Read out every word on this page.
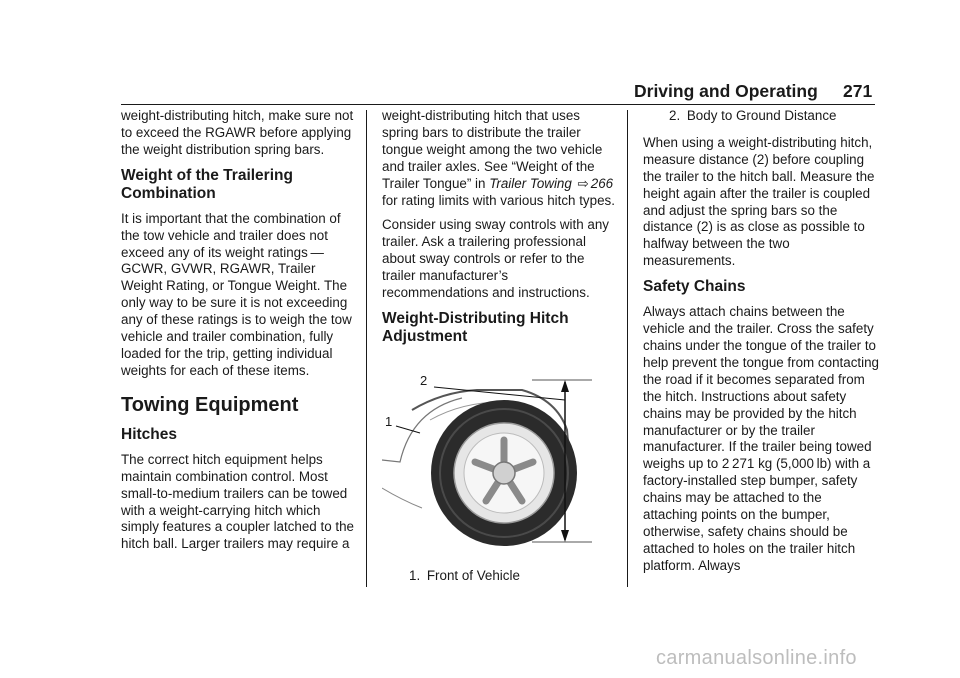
Driving and Operating 271

weight-distributing hitch, make sure not to exceed the RGAWR before applying the weight distribution spring bars.

Weight of the Trailering Combination

It is important that the combination of the tow vehicle and trailer does not exceed any of its weight ratings — GCWR, GVWR, RGAWR, Trailer Weight Rating, or Tongue Weight. The only way to be sure it is not exceeding any of these ratings is to weigh the tow vehicle and trailer combination, fully loaded for the trip, getting individual weights for each of these items.

Towing Equipment
Hitches

The correct hitch equipment helps maintain combination control. Most small-to-medium trailers can be towed with a weight-carrying hitch which simply features a coupler latched to the hitch ball. Larger trailers may require a

weight-distributing hitch that uses spring bars to distribute the trailer tongue weight among the two vehicle and trailer axles. See “Weight of the Trailer Tongue” in Trailer Towing ⇨ 266 for rating limits with various hitch types.

Consider using sway controls with any trailer. Ask a trailering professional about sway controls or refer to the trailer manufacturer’s recommendations and instructions.

Weight-Distributing Hitch Adjustment
2
1
1. Front of Vehicle

2. Body to Ground Distance

When using a weight-distributing hitch, measure distance (2) before coupling the trailer to the hitch ball. Measure the height again after the trailer is coupled and adjust the spring bars so the distance (2) is as close as possible to halfway between the two measurements.

Safety Chains

Always attach chains between the vehicle and the trailer. Cross the safety chains under the tongue of the trailer to help prevent the tongue from contacting the road if it becomes separated from the hitch. Instructions about safety chains may be provided by the hitch manufacturer or by the trailer manufacturer. If the trailer being towed weighs up to 2 271 kg (5,000 lb) with a factory-installed step bumper, safety chains may be attached to the attaching points on the bumper, otherwise, safety chains should be attached to holes on the trailer hitch platform. Always

carmanualsonline.info
